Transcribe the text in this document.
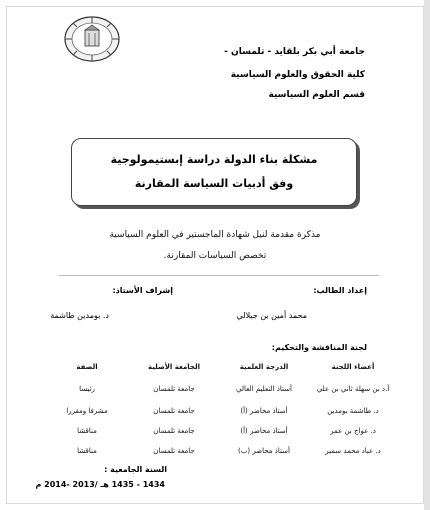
جامعة أبي بكر بلقايد - تلمسان -
كلية الحقوق والعلوم السياسية
قسم العلوم السياسية
مشكلة بناء الدولة دراسة إبستيمولوجية
وفق أدبيات السياسة المقارنة
مذكرة مقدمة لنيل شهادة الماجستير في العلوم السياسية
تخصص السياسات المقارنة.
إعداد الطالب:
إشراف الأستاذ:
محمد أمين بن جيلالي
د. بومدين طاشمة
لجنة المناقشة والتحكيم:
أعضاء اللجنة
الدرجة العلمية
الجامعة الأصلية
الصفة
أ.د بن سهلة ثاني بن علي
أستاذ التعليم العالي
جامعة تلمسان
رئيسا
د. طاشمة بومدين
أستاذ محاضر (أ)
جامعة تلمسان
مشرفا ومقررا
د. عواج بن عمر
أستاذ محاضر (أ)
جامعة تلمسان
مناقشا
د. عباد محمد سمير
أستاذ محاضر (ب)
جامعة تلمسان
مناقشا
السنة الجامعية :
1434 - 1435 هـ /2013 -2014 م
